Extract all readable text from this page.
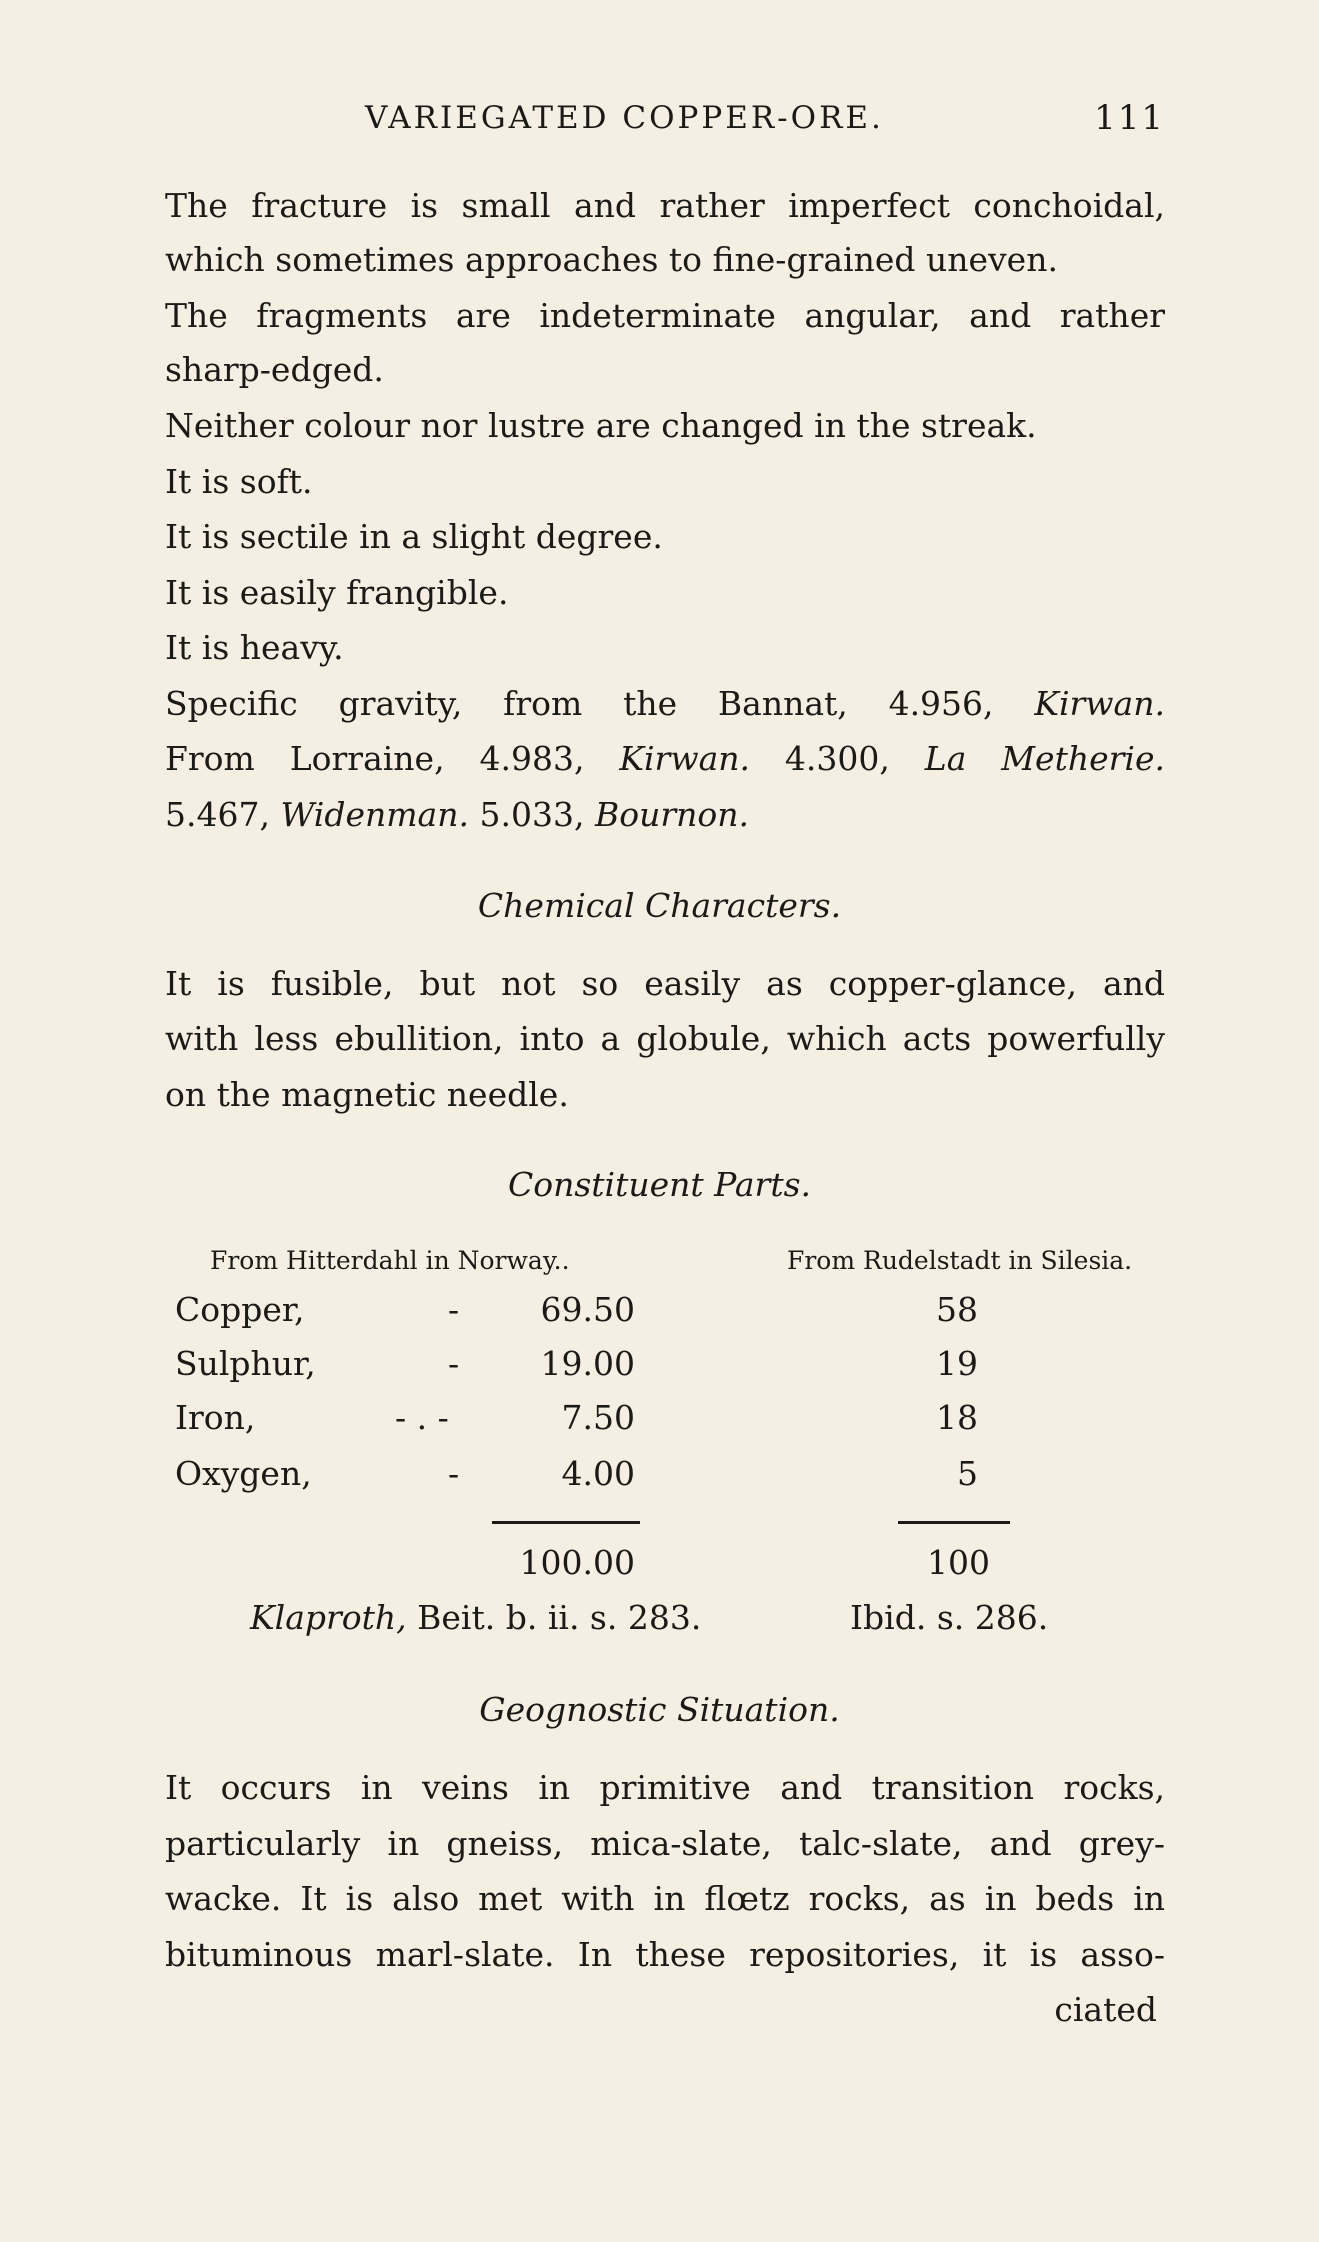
VARIEGATED COPPER-ORE.	111
The fracture is small and rather imperfect conchoidal,
which sometimes approaches to fine-grained uneven.
The fragments are indeterminate angular, and rather
sharp-edged.
Neither colour nor lustre are changed in the streak.
It is soft.
It is sectile in a slight degree.
It is easily frangible.
It is heavy.
Specific gravity, from the Bannat, 4.956, Kirwan.
From Lorraine, 4.983, Kirwan. 4.300, La Metherie.
5.467, Widenman. 5.033, Bournon.
Chemical Characters.
It is fusible, but not so easily as copper-glance, and
with less ebullition, into a globule, which acts powerfully
on the magnetic needle.
Constituent Parts.
From Hitterdahl in Norway..	From Rudelstadt in Silesia.
Copper,	-	69.50	58
Sulphur,	-	19.00	19
Iron,	- . -	7.50	18
Oxygen,	-	4.00	5
100.00	100
Klaproth, Beit. b. ii. s. 283.	Ibid. s. 286.
Geognostic Situation.
It occurs in veins in primitive and transition rocks,
particularly in gneiss, mica-slate, talc-slate, and grey-
wacke. It is also met with in flœtz rocks, as in beds in
bituminous marl-slate. In these repositories, it is asso-
ciated
